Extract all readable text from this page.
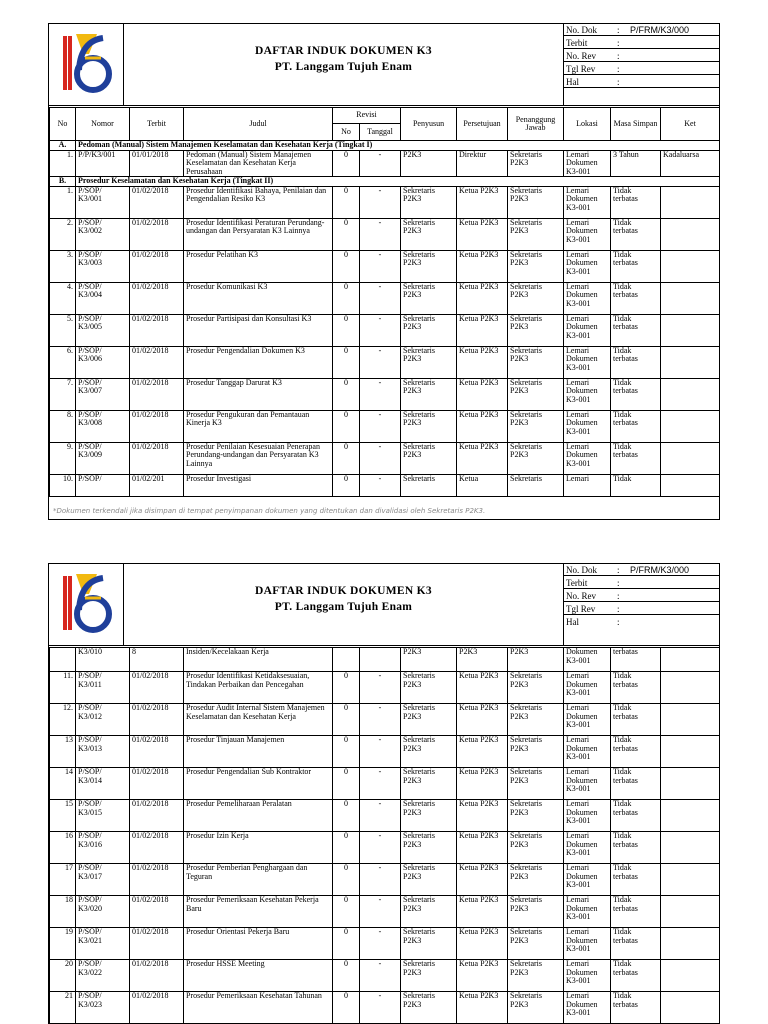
DAFTAR INDUK DOKUMEN K3
PT. Langgam Tujuh Enam
No. Dok : P/FRM/K3/000
Terbit	:
No. Rev :
Tgl Rev :
Hal	:
No	Nomor	Terbit	Judul	Revisi		Penyusun	Persetujuan	Penanggung Jawab	Lokasi	Masa Simpan	Ket
				No	Tanggal						
A.	Pedoman (Manual) Sistem Manajemen Keselamatan dan Kesehatan Kerja (Tingkat I)										
1.	P/P/K3/001	01/01/2018	Pedoman (Manual) Sistem Manajemen Keselamatan dan Kesehatan Kerja Perusahaan	0	-	P2K3	Direktur	Sekretaris P2K3	Lemari Dokumen K3-001	3 Tahun	Kadaluarsa
B.	Prosedur Keselamatan dan Kesehatan Kerja (Tingkat II)										
1.	P/SOP/ K3/001	01/02/2018	Prosedur Identifikasi Bahaya, Penilaian dan Pengendalian Resiko K3	0	-	Sekretaris P2K3	Ketua P2K3	Sekretaris P2K3	Lemari Dokumen K3-001	Tidak terbatas	
2.	P/SOP/ K3/002	01/02/2018	Prosedur Identifikasi Peraturan Perundang-undangan dan Persyaratan K3 Lainnya	0	-	Sekretaris P2K3	Ketua P2K3	Sekretaris P2K3	Lemari Dokumen K3-001	Tidak terbatas	
3.	P/SOP/ K3/003	01/02/2018	Prosedur Pelatihan K3	0	-	Sekretaris P2K3	Ketua P2K3	Sekretaris P2K3	Lemari Dokumen K3-001	Tidak terbatas	
4.	P/SOP/ K3/004	01/02/2018	Prosedur Komunikasi K3	0	-	Sekretaris P2K3	Ketua P2K3	Sekretaris P2K3	Lemari Dokumen K3-001	Tidak terbatas	
5.	P/SOP/ K3/005	01/02/2018	Prosedur Partisipasi dan Konsultasi K3	0	-	Sekretaris P2K3	Ketua P2K3	Sekretaris P2K3	Lemari Dokumen K3-001	Tidak terbatas	
6.	P/SOP/ K3/006	01/02/2018	Prosedur Pengendalian Dokumen K3	0	-	Sekretaris P2K3	Ketua P2K3	Sekretaris P2K3	Lemari Dokumen K3-001	Tidak terbatas	
7.	P/SOP/ K3/007	01/02/2018	Prosedur Tanggap Darurat K3	0	-	Sekretaris P2K3	Ketua P2K3	Sekretaris P2K3	Lemari Dokumen K3-001	Tidak terbatas	
8.	P/SOP/ K3/008	01/02/2018	Prosedur Pengukuran dan Pemantauan Kinerja K3	0	-	Sekretaris P2K3	Ketua P2K3	Sekretaris P2K3	Lemari Dokumen K3-001	Tidak terbatas	
9.	P/SOP/ K3/009	01/02/2018	Prosedur Penilaian Kesesuaian Penerapan Perundang-undangan dan Persyaratan K3 Lainnya	0	-	Sekretaris P2K3	Ketua P2K3	Sekretaris P2K3	Lemari Dokumen K3-001	Tidak terbatas	
10.	P/SOP/	01/02/201	Prosedur Investigasi	0	-	Sekretaris	Ketua	Sekretaris	Lemari	Tidak	
*Dokumen terkendali jika disimpan di tempat penyimpanan dokumen yang ditentukan dan divalidasi oleh Sekretaris P2K3.
DAFTAR INDUK DOKUMEN K3
PT. Langgam Tujuh Enam
No. Dok : P/FRM/K3/000
Terbit	:
No. Rev :
Tgl Rev :
Hal	:
	K3/010	8	Insiden/Kecelakaan Kerja			P2K3	P2K3	P2K3	Dokumen K3-001	terbatas	
11.	P/SOP/ K3/011	01/02/2018	Prosedur Identifikasi Ketidaksesuaian, Tindakan Perbaikan dan Pencegahan	0	-	Sekretaris P2K3	Ketua P2K3	Sekretaris P2K3	Lemari Dokumen K3-001	Tidak terbatas	
12.	P/SOP/ K3/012	01/02/2018	Prosedur Audit Internal Sistem Manajemen Keselamatan dan Kesehatan Kerja	0	-	Sekretaris P2K3	Ketua P2K3	Sekretaris P2K3	Lemari Dokumen K3-001	Tidak terbatas	
13	P/SOP/ K3/013	01/02/2018	Prosedur Tinjauan Manajemen	0	-	Sekretaris P2K3	Ketua P2K3	Sekretaris P2K3	Lemari Dokumen K3-001	Tidak terbatas	
14	P/SOP/ K3/014	01/02/2018	Prosedur Pengendalian Sub Kontraktor	0	-	Sekretaris P2K3	Ketua P2K3	Sekretaris P2K3	Lemari Dokumen K3-001	Tidak terbatas	
15	P/SOP/ K3/015	01/02/2018	Prosedur Pemeliharaan Peralatan	0	-	Sekretaris P2K3	Ketua P2K3	Sekretaris P2K3	Lemari Dokumen K3-001	Tidak terbatas	
16	P/SOP/ K3/016	01/02/2018	Prosedur Izin Kerja	0	-	Sekretaris P2K3	Ketua P2K3	Sekretaris P2K3	Lemari Dokumen K3-001	Tidak terbatas	
17	P/SOP/ K3/017	01/02/2018	Prosedur Pemberian Penghargaan dan Teguran	0	-	Sekretaris P2K3	Ketua P2K3	Sekretaris P2K3	Lemari Dokumen K3-001	Tidak terbatas	
18	P/SOP/ K3/020	01/02/2018	Prosedur Pemeriksaan Kesehatan Pekerja Baru	0	-	Sekretaris P2K3	Ketua P2K3	Sekretaris P2K3	Lemari Dokumen K3-001	Tidak terbatas	
19	P/SOP/ K3/021	01/02/2018	Prosedur Orientasi Pekerja Baru	0	-	Sekretaris P2K3	Ketua P2K3	Sekretaris P2K3	Lemari Dokumen K3-001	Tidak terbatas	
20	P/SOP/ K3/022	01/02/2018	Prosedur HSSE Meeting	0	-	Sekretaris P2K3	Ketua P2K3	Sekretaris P2K3	Lemari Dokumen K3-001	Tidak terbatas	
21	P/SOP/ K3/023	01/02/2018	Prosedur Pemeriksaan Kesehatan Tahunan	0	-	Sekretaris P2K3	Ketua P2K3	Sekretaris P2K3	Lemari Dokumen K3-001	Tidak terbatas	
